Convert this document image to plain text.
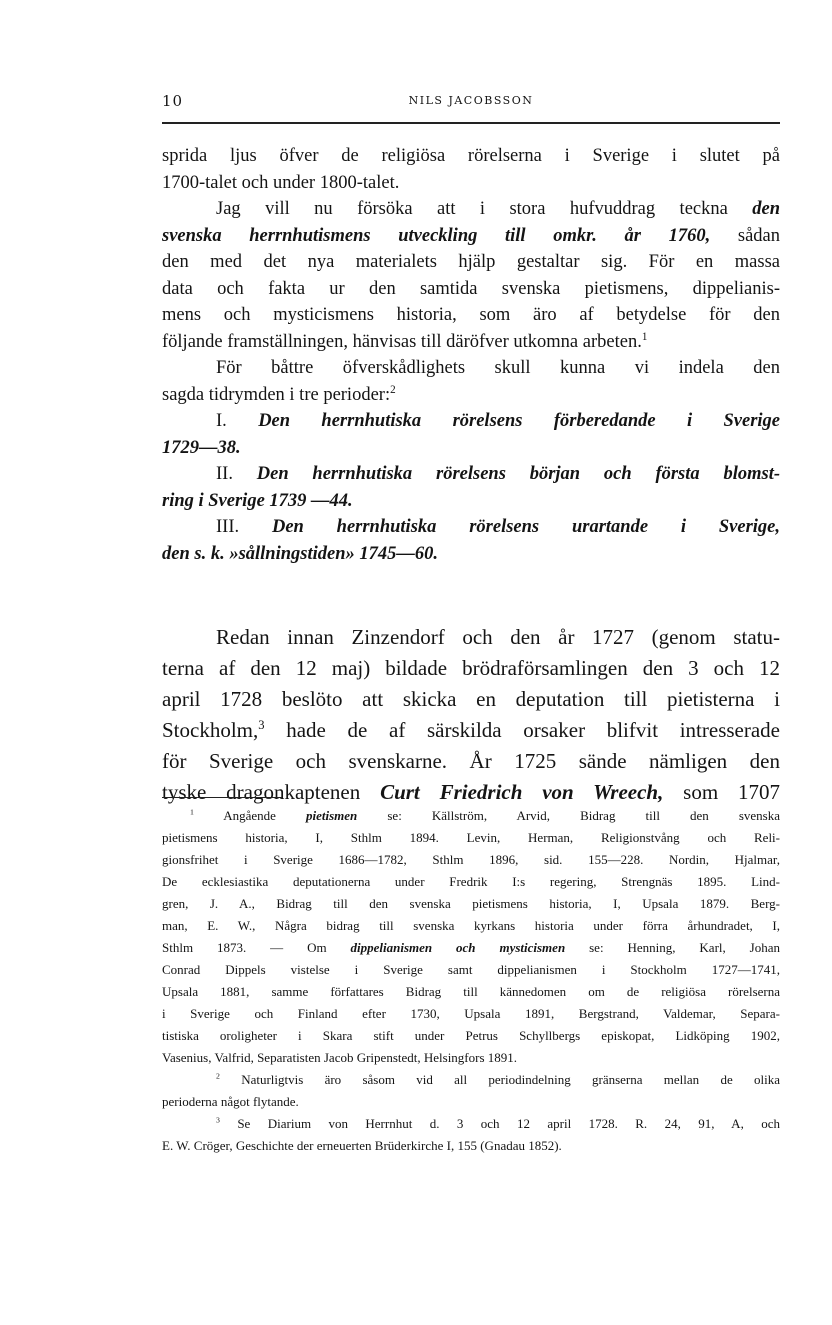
10	NILS JACOBSSON
sprida ljus öfver de religiösa rörelserna i Sverige i slutet på
1700-talet och under 1800-talet.
Jag vill nu försöka att i stora hufvuddrag teckna den
svenska herrnhutismens utveckling till omkr. år 1760, sådan
den med det nya materialets hjälp gestaltar sig. För en massa
data och fakta ur den samtida svenska pietismens, dippelianis-
mens och mysticismens historia, som äro af betydelse för den
följande framställningen, hänvisas till däröfver utkomna arbeten.$^1$
För båttre öfverskådlighets skull kunna vi indela den
sagda tidrymden i tre perioder:$^2$
I. Den herrnhutiska rörelsens förberedande i Sverige
1729—38.
II. Den herrnhutiska rörelsens början och första blomst-
ring i Sverige 1739 —44.
III. Den herrnhutiska rörelsens urartande i Sverige,
den s. k. »sållningstiden» 1745—60.
Redan innan Zinzendorf och den år 1727 (genom statu-
terna af den 12 maj) bildade brödraförsamlingen den 3 och 12
april 1728 beslöto att skicka en deputation till pietisterna i
Stockholm,$^3$ hade de af särskilda orsaker blifvit intresserade
för Sverige och svenskarne. År 1725 sände nämligen den
tyske dragonkaptenen Curt Friedrich von Wreech, som 1707
$^1$ Angående pietismen se: Källström, Arvid, Bidrag till den svenska
pietismens historia, I, Sthlm 1894. Levin, Herman, Religionstvång och Reli-
gionsfrihet i Sverige 1686—1782, Sthlm 1896, sid. 155—228. Nordin, Hjalmar,
De ecklesiastika deputationerna under Fredrik I:s regering, Strengnäs 1895. Lind-
gren, J. A., Bidrag till den svenska pietismens historia, I, Upsala 1879. Berg-
man, E. W., Några bidrag till svenska kyrkans historia under förra århundradet, I,
Sthlm 1873. — Om dippelianismen och mysticismen se: Henning, Karl, Johan
Conrad Dippels vistelse i Sverige samt dippelianismen i Stockholm 1727—1741,
Upsala 1881, samme författares Bidrag till kännedomen om de religiösa rörelserna
i Sverige och Finland efter 1730, Upsala 1891, Bergstrand, Valdemar, Separa-
tistiska oroligheter i Skara stift under Petrus Schyllbergs episkopat, Lidköping 1902,
Vasenius, Valfrid, Separatisten Jacob Gripenstedt, Helsingfors 1891.
$^2$ Naturligtvis äro såsom vid all periodindelning gränserna mellan de olika
perioderna något flytande.
$^3$ Se Diarium von Herrnhut d. 3 och 12 april 1728. R. 24, 91, A, och
E. W. Cröger, Geschichte der erneuerten Brüderkirche I, 155 (Gnadau 1852).
